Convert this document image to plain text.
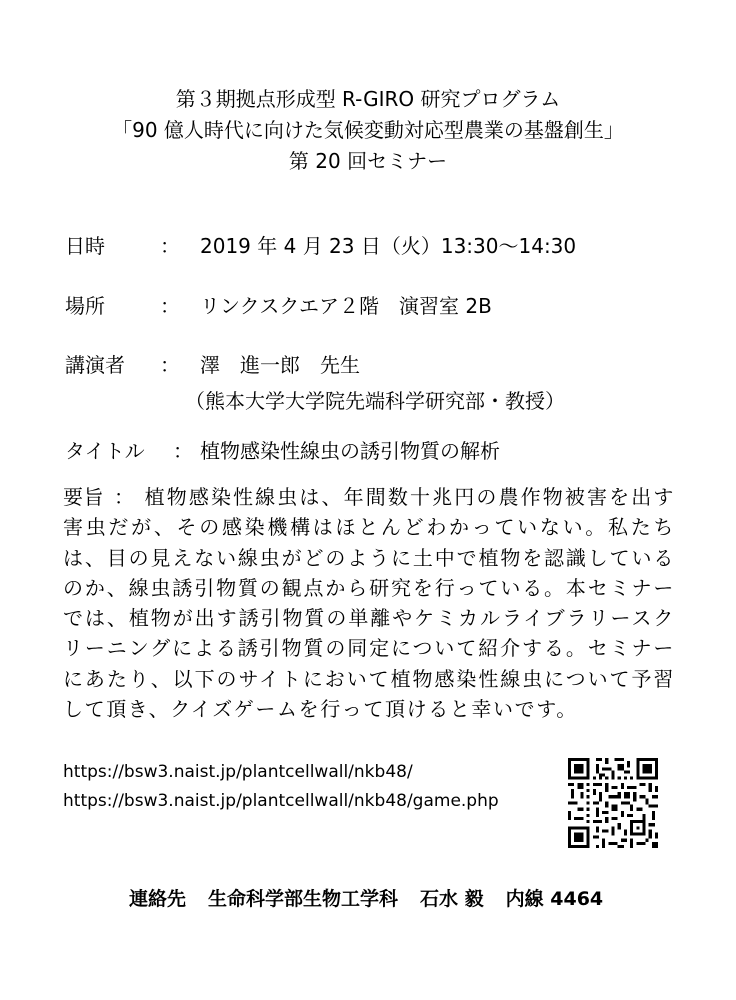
第３期拠点形成型 R-GIRO 研究プログラム
「90 億人時代に向けた気候変動対応型農業の基盤創生」
第 20 回セミナー
日時	： 2019 年 4 月 23 日（火）13:30～14:30
場所	： リンクスクエア２階　演習室 2B
講演者 ： 澤　進一郎　先生
（熊本大学大学院先端科学研究部・教授）
タイトル ： 植物感染性線虫の誘引物質の解析
要旨 ： 植物感染性線虫は、年間数十兆円の農作物被害を出す害虫だが、その感染機構はほとんどわかっていない。私たちは、目の見えない線虫がどのように土中で植物を認識しているのか、線虫誘引物質の観点から研究を行っている。本セミナーでは、植物が出す誘引物質の単離やケミカルライブラリースクリーニングによる誘引物質の同定について紹介する。セミナーにあたり、以下のサイトにおいて植物感染性線虫について予習して頂き、クイズゲームを行って頂けると幸いです。
https://bsw3.naist.jp/plantcellwall/nkb48/
https://bsw3.naist.jp/plantcellwall/nkb48/game.php
連絡先 生命科学部生物工学科 石水 毅 内線 4464
